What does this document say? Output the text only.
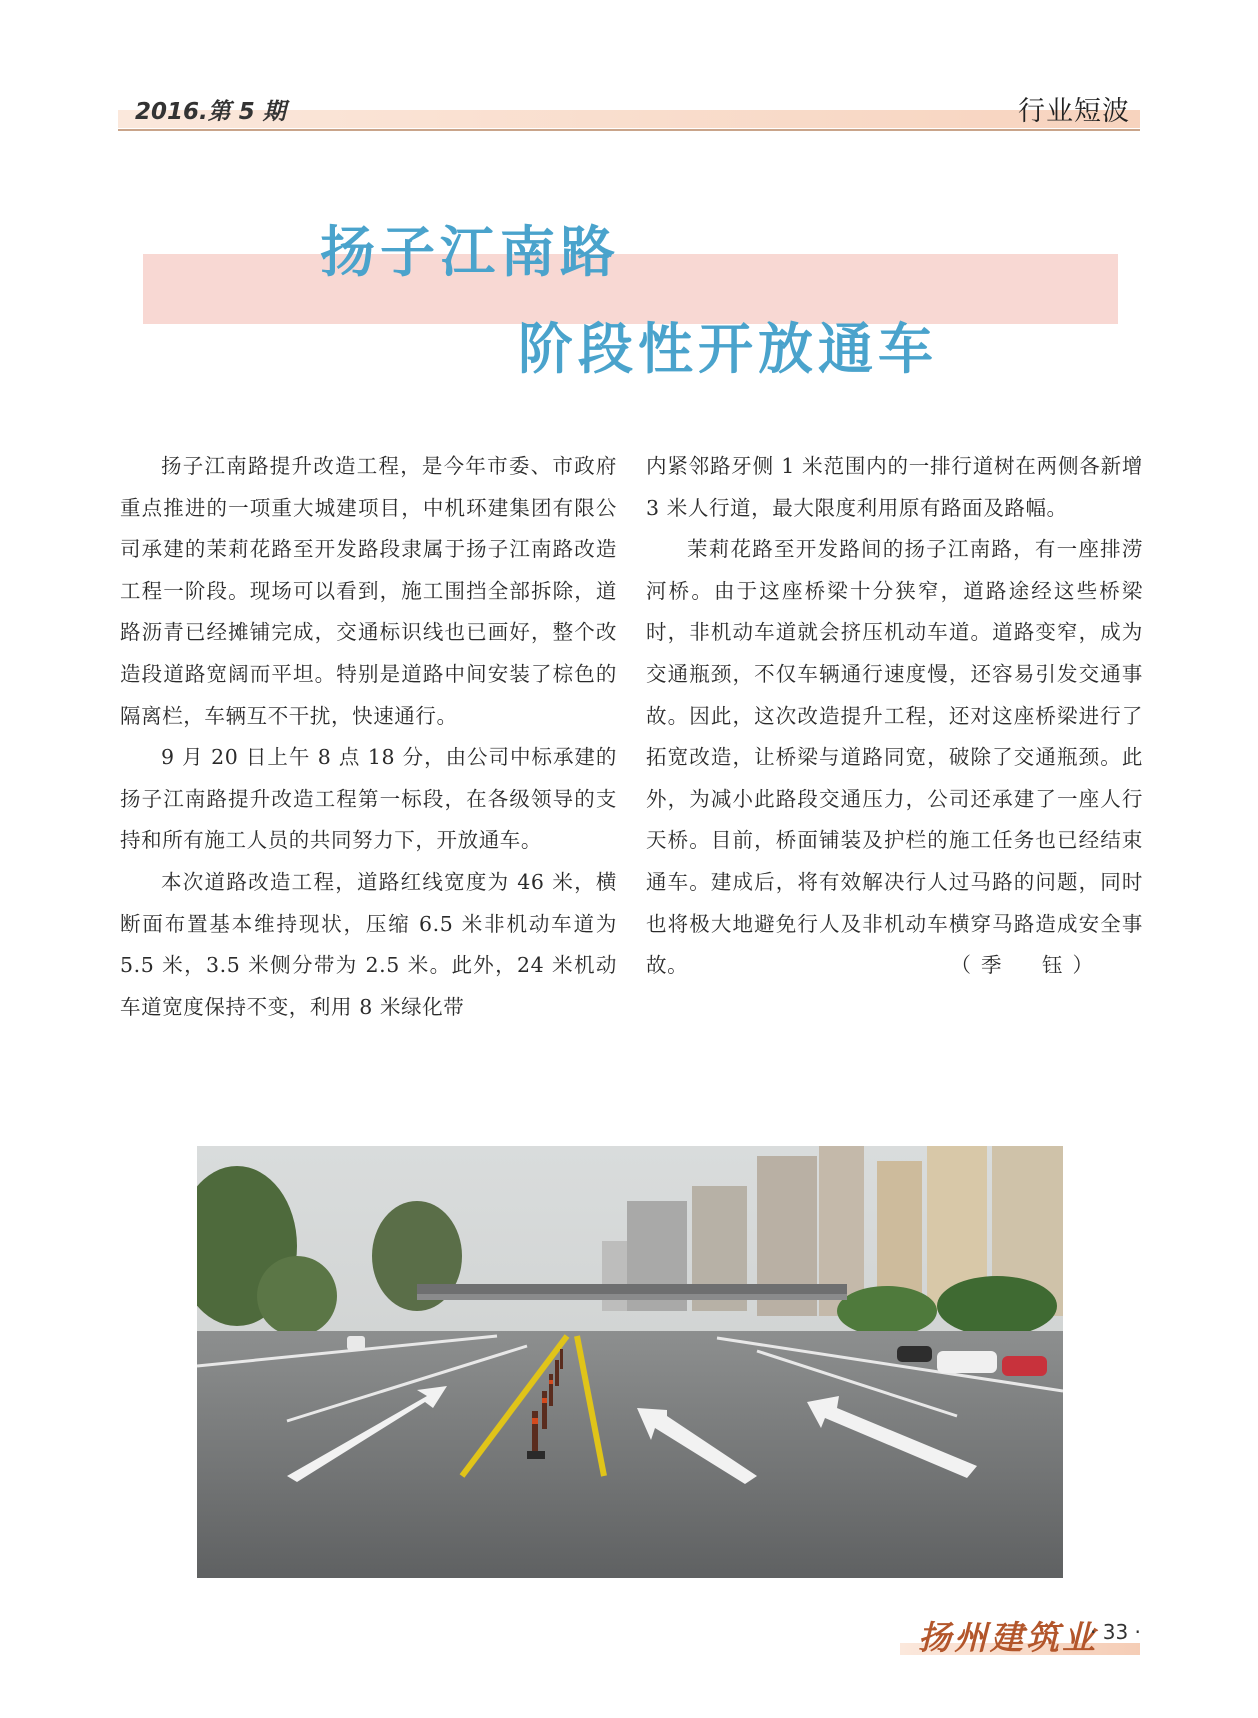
2016.第 5 期	行业短波
扬子江南路
阶段性开放通车

扬子江南路提升改造工程，是今年市委、市政府重点推进的一项重大城建项目，中机环建集团有限公司承建的茉莉花路至开发路段隶属于扬子江南路改造工程一阶段。现场可以看到，施工围挡全部拆除，道路沥青已经摊铺完成，交通标识线也已画好，整个改造段道路宽阔而平坦。特别是道路中间安装了棕色的隔离栏，车辆互不干扰，快速通行。

9 月 20 日上午 8 点 18 分，由公司中标承建的扬子江南路提升改造工程第一标段，在各级领导的支持和所有施工人员的共同努力下，开放通车。

本次道路改造工程，道路红线宽度为 46 米，横断面布置基本维持现状，压缩 6.5 米非机动车道为 5.5 米，3.5 米侧分带为 2.5 米。此外，24 米机动车道宽度保持不变，利用 8 米绿化带

内紧邻路牙侧 1 米范围内的一排行道树在两侧各新增 3 米人行道，最大限度利用原有路面及路幅。

茉莉花路至开发路间的扬子江南路，有一座排涝河桥。由于这座桥梁十分狭窄，道路途经这些桥梁时，非机动车道就会挤压机动车道。道路变窄，成为交通瓶颈，不仅车辆通行速度慢，还容易引发交通事故。因此，这次改造提升工程，还对这座桥梁进行了拓宽改造，让桥梁与道路同宽，破除了交通瓶颈。此外，为减小此路段交通压力，公司还承建了一座人行天桥。目前，桥面铺装及护栏的施工任务也已经结束通车。建成后，将有效解决行人过马路的问题，同时也将极大地避免行人及非机动车横穿马路造成安全事故。	（季　钰）

扬州建筑业
· 33 ·
